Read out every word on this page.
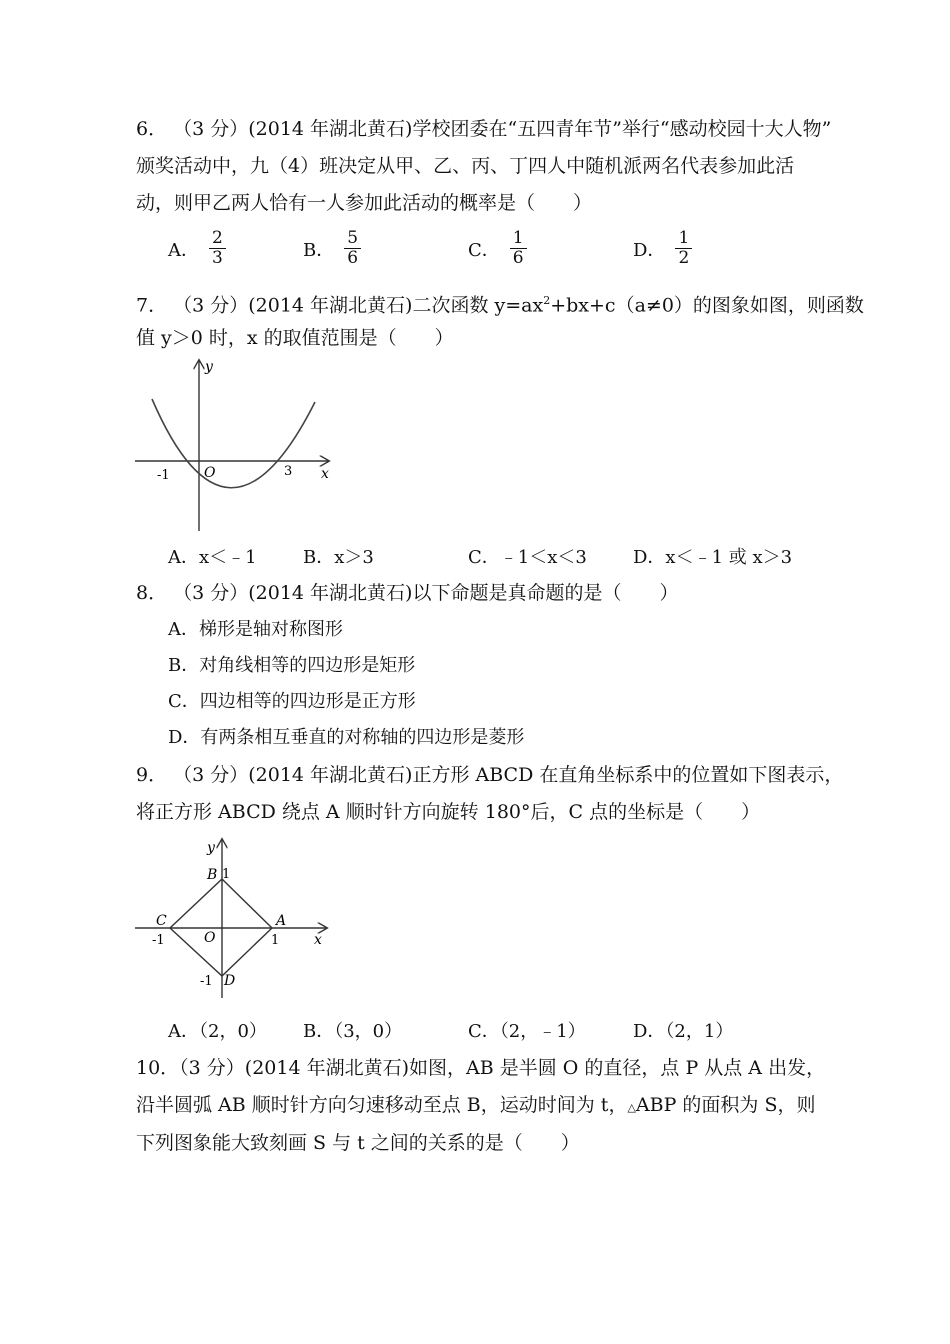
6． （3 分）(2014 年湖北黄石)学校团委在“五四青年节”举行“感动校园十大人物”
颁奖活动中，九（4）班决定从甲、乙、丙、丁四人中随机派两名代表参加此活
动，则甲乙两人恰有一人参加此活动的概率是（　　）
A． $\frac{2}{3}$	B． $\frac{5}{6}$	C． $\frac{1}{6}$	D． $\frac{1}{2}$
7． （3 分）(2014 年湖北黄石)二次函数 $y=ax^2+bx+c(a\ne 0)$的图象如图，则函数
值 y＞0 时，x 的取值范围是（　　）
y
x
O
-1	3
A．x＜﹣1	B．x＞3	C．﹣1＜x＜3	D．x＜﹣1 或 x＞3
8． （3 分）(2014 年湖北黄石)以下命题是真命题的是（　　）
A．梯形是轴对称图形
B．对角线相等的四边形是矩形
C．四边相等的四边形是正方形
D．有两条相互垂直的对称轴的四边形是菱形
9． （3 分）(2014 年湖北黄石)正方形 ABCD 在直角坐标系中的位置如下图表示，
将正方形 ABCD 绕点 A 顺时针方向旋转 180°后，C 点的坐标是（　　）
y
x
O
B 1
C
-1
A
1
-1 D
A．（2，0） B．（3，0）	C．（2，﹣1）	D．（2，1）
10．（3 分）(2014 年湖北黄石)如图，AB 是半圆 O 的直径，点 P 从点 A 出发，
沿半圆弧 AB 顺时针方向匀速移动至点 B，运动时间为 t，△ABP 的面积为 S，则
下列图象能大致刻画 S 与 t 之间的关系的是（　　）
